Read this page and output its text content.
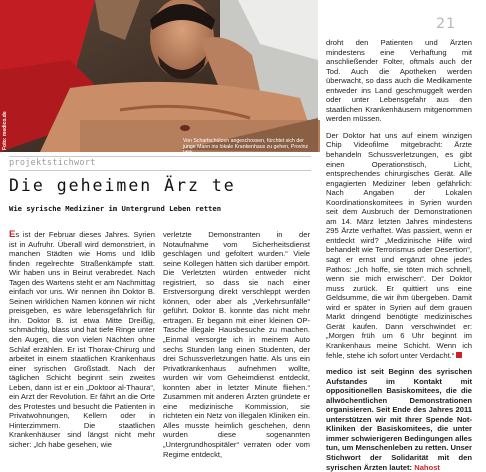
Foto: medico.de	Von Scharfschützen angeschossen, fürchtet sich der junge Mann ins lokale Krankenhaus zu gehen, Provinz Idlib.
21
projektstichwort
Die geheimen Ärz te
Wie syrische Mediziner im Untergrund Leben retten

Es ist der Februar dieses Jahres. Syrien ist in Aufruhr. Überall wird demonstriert, in manchen Städten wie Homs und Idlib finden regelrechte Straßenkämpfe statt. Wir haben uns in Beirut verabredet. Nach Tagen des Wartens steht er am Nachmittag einfach vor uns. Wir nennen ihn Doktor B. Seinen wirklichen Namen können wir nicht preisgeben, es wäre lebensgefährlich für ihn. Doktor B. ist etwa Mitte Dreißig, schmächtig, blass und hat tiefe Ringe unter den Augen, die von vielen Nächten ohne Schlaf erzählen. Er ist Thorax-Chirurg und arbeitet in einem staatlichen Krankenhaus einer syrischen Großstadt. Nach der täglichen Schicht beginnt sein zweites Leben, dann ist er ein „Doktoor al-Thaura“, ein Arzt der Revolution. Er fährt an die Orte des Protestes und besucht die Patienten in Privatwohnungen, Kellern oder in Hinterzimmern. Die staatlichen Krankenhäuser sind längst nicht mehr sicher: „Ich habe gesehen, wie

verletzte Demonstranten in der Notaufnahme vom Sicherheitsdienst geschlagen und gefoltert wurden.“ Viele seine Kollegen hätten sich darüber empört. Die Verletzten würden entweder nicht registriert, so dass sie nach einer Erstversorgung direkt verschleppt werden können, oder aber als „Verkehrsunfälle“ geführt. Doktor B. konnte das nicht mehr ertragen. Er begann mit einer kleinen OP-Tasche illegale Hausbesuche zu machen. „Einmal versorgte ich in meinem Auto sechs Stunden lang einen Studenten, der drei Schussverletzungen hatte. Als uns ein Privatkrankenhaus aufnehmen wollte, wurden wir vom Geheimdienst entdeckt, konnten aber in letzter Minute fliehen.“ Zusammen mit anderen Ärzten gründete er eine medizinische Kommission, sie richteten ein Netz von illegalen Kliniken ein. Alles musste heimlich geschehen, denn wurden diese sogenannten „Untergrundhospitäler“ verraten oder vom Regime entdeckt,

droht den Patienten und Ärzten mindestens eine Verhaftung mit anschließender Folter, oftmals auch der Tod. Auch die Apotheken werden überwacht, so dass auch die Medikamente entweder ins Land geschmuggelt werden oder unter Lebensgefahr aus den staatlichen Krankenhäusern mitgenommen werden müssen.

Der Doktor hat uns auf einem winzigen Chip Videofilme mitgebracht: Ärzte behandeln Schussverletzungen, es gibt einen Operationstisch, Licht, entsprechendes chirurgisches Gerät. Alle engagierten Mediziner leben gefährlich: Nach Angaben der Lokalen Koordinationskomitees in Syrien wurden seit dem Ausbruch der Demonstrationen am 14. März letzten Jahres mindestens 295 Ärzte verhaftet. Was passiert, wenn er entdeckt wird? „Medizinische Hilfe wird behandelt wie Terrorismus oder Desertion“, sagt er ernst und ergänzt ohne jedes Pathos: „Ich hoffe, sie töten mich schnell, wenn sie mich erwischen“. Der Doktor muss zurück. Er quittiert uns eine Geldsumme, die wir ihm übergeben. Damit wird er später in Syrien auf dem grauen Markt dringend benötigte medizinisches Gerät kaufen. Dann verschwindet er: „Morgen früh um 6 Uhr beginnt im Krankenhaus meine Schicht. Wenn ich fehle, stehe ich sofort unter Verdacht.“

medico ist seit Beginn des syrischen Aufstandes im Kontakt mit oppositionellen Basiskomitees, die die allwöchentlichen Demonstrationen organisieren. Seit Ende des Jahres 2011 unterstützen wir mit Ihrer Spende Not-Kliniken der Basiskomitees, die unter immer schwierigeren Bedingungen alles tun, um Menschenleben zu retten. Unser Stichwort der Solidarität mit den syrischen Ärzten lautet: Nahost
